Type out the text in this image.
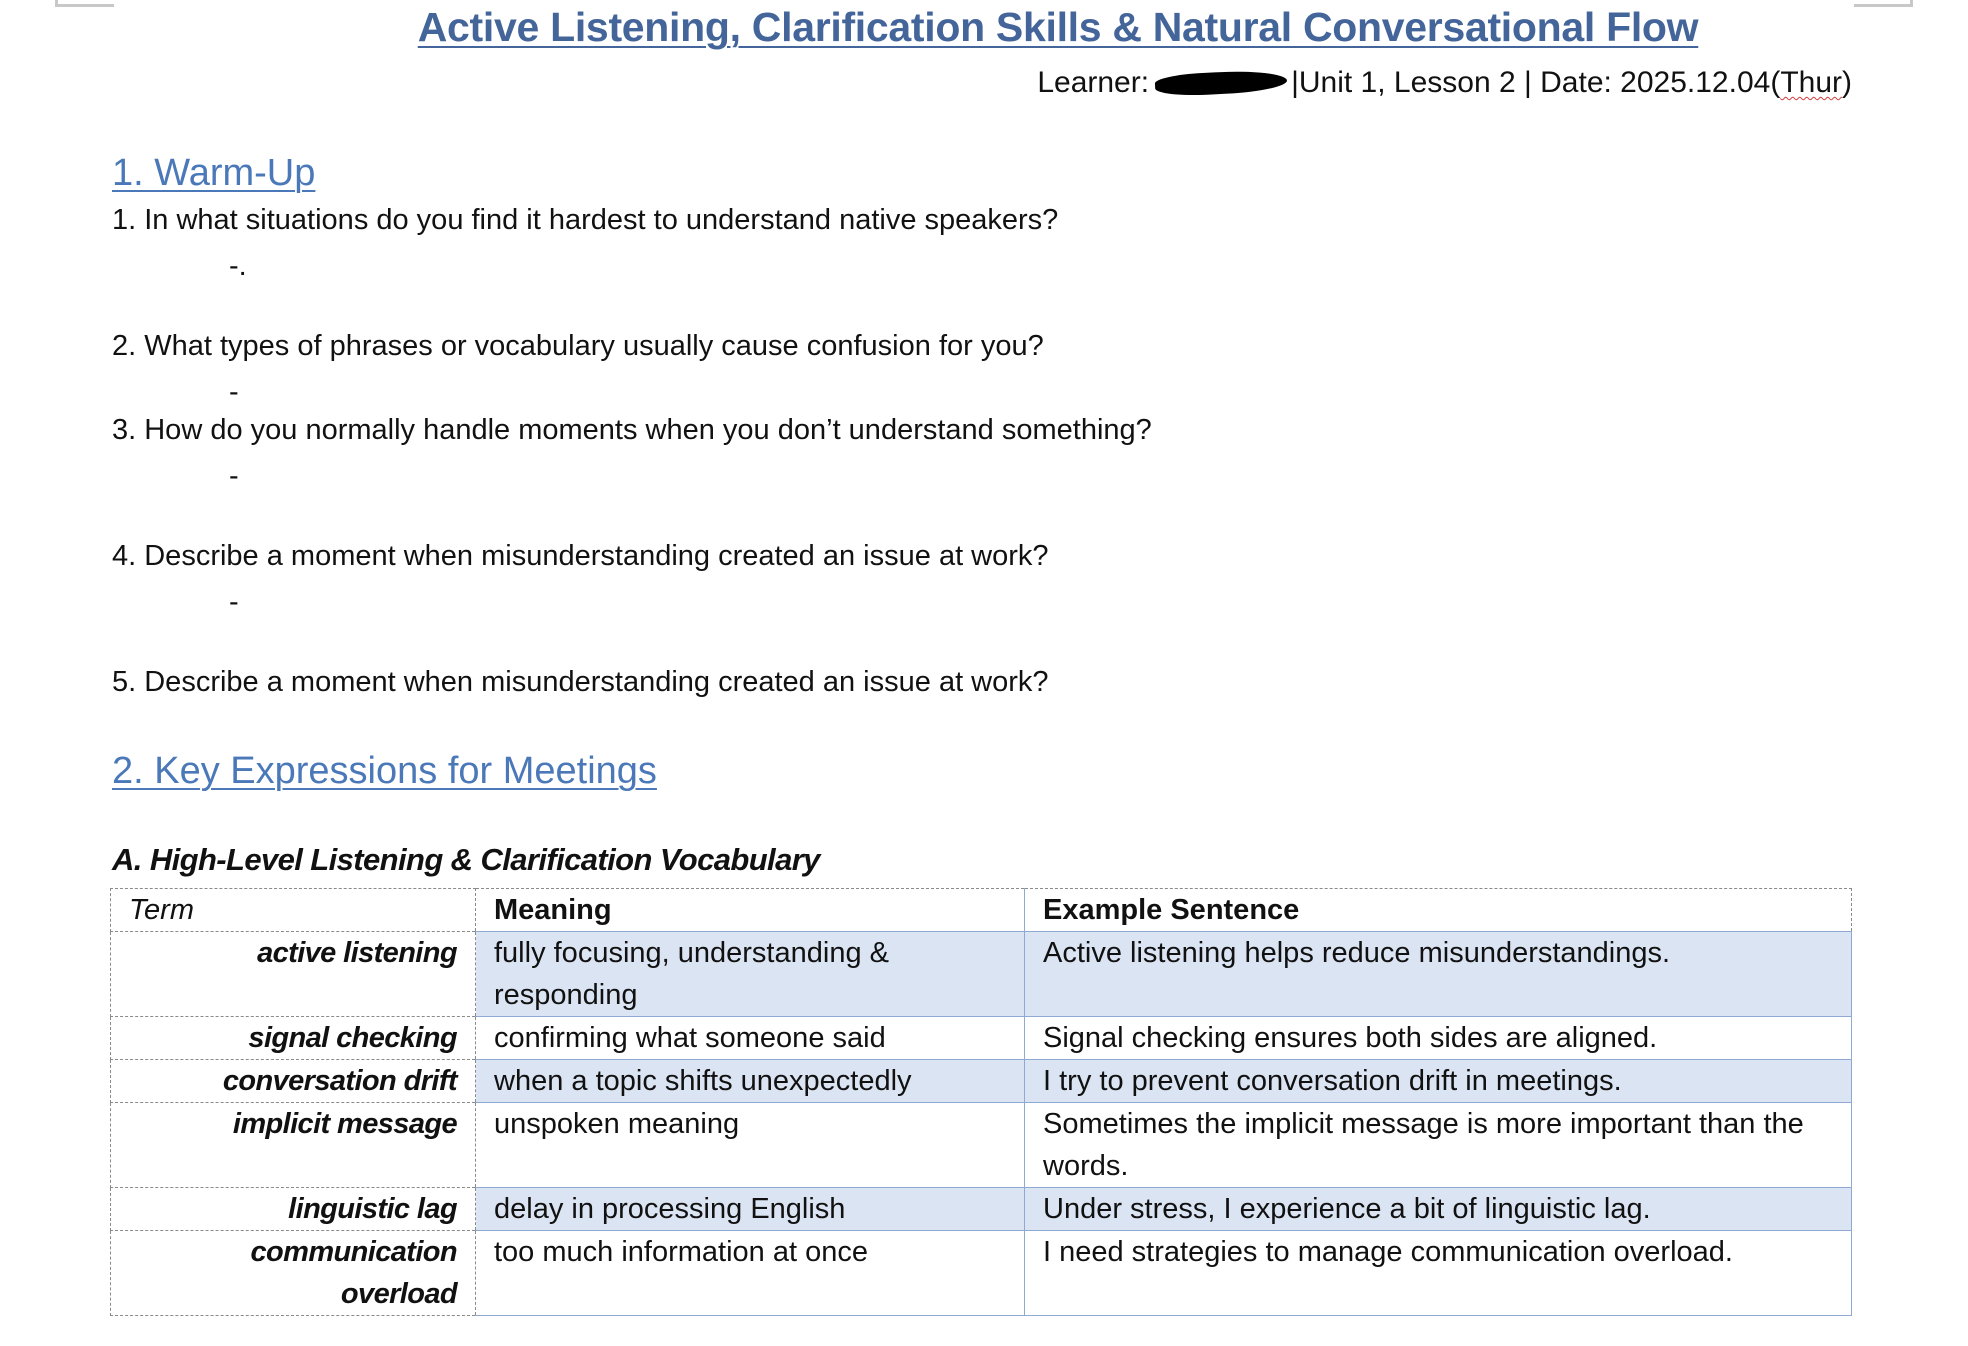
Active Listening, Clarification Skills & Natural Conversational Flow
Learner:	|Unit 1, Lesson 2 | Date: 2025.12.04(Thur)
1. Warm-Up
1. In what situations do you find it hardest to understand native speakers?
-.
2. What types of phrases or vocabulary usually cause confusion for you?
-
3. How do you normally handle moments when you don’t understand something?
-
4. Describe a moment when misunderstanding created an issue at work?
-
5. Describe a moment when misunderstanding created an issue at work?
2. Key Expressions for Meetings
A. High-Level Listening & Clarification Vocabulary
Term	Meaning	Example Sentence
active listening	fully focusing, understanding & responding	Active listening helps reduce misunderstandings.
signal checking	confirming what someone said	Signal checking ensures both sides are aligned.
conversation drift	when a topic shifts unexpectedly	I try to prevent conversation drift in meetings.
implicit message	unspoken meaning	Sometimes the implicit message is more important than the words.
linguistic lag	delay in processing English	Under stress, I experience a bit of linguistic lag.
communication overload	too much information at once	I need strategies to manage communication overload.
